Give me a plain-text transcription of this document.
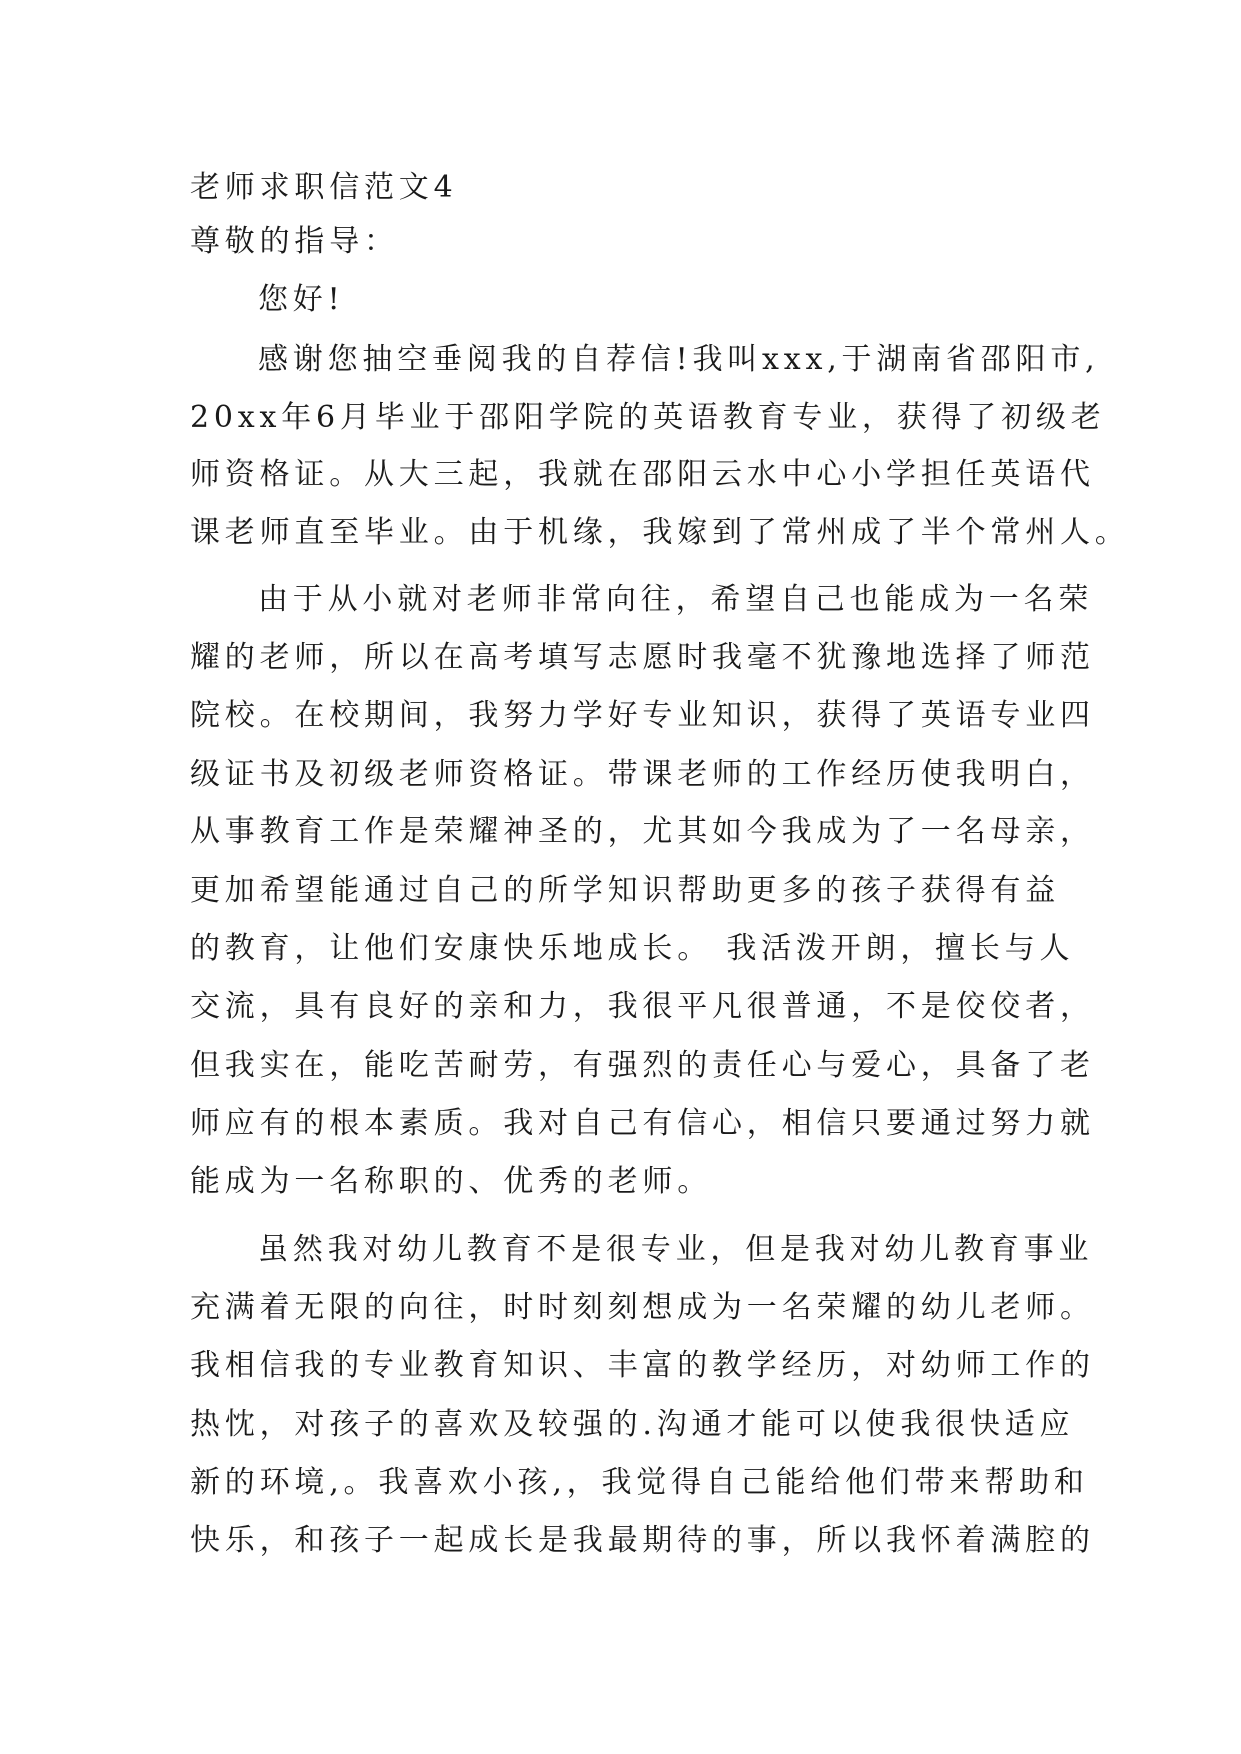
老师求职信范文4
尊敬的指导：
您好!
感谢您抽空垂阅我的自荐信!我叫xxx,于湖南省邵阳市,
20xx年6月毕业于邵阳学院的英语教育专业，获得了初级老
师资格证。从大三起，我就在邵阳云水中心小学担任英语代
课老师直至毕业。由于机缘，我嫁到了常州成了半个常州人。
由于从小就对老师非常向往，希望自己也能成为一名荣
耀的老师，所以在高考填写志愿时我毫不犹豫地选择了师范
院校。在校期间，我努力学好专业知识，获得了英语专业四
级证书及初级老师资格证。带课老师的工作经历使我明白，
从事教育工作是荣耀神圣的，尤其如今我成为了一名母亲，
更加希望能通过自己的所学知识帮助更多的孩子获得有益
的教育，让他们安康快乐地成长。 我活泼开朗，擅长与人
交流，具有良好的亲和力，我很平凡很普通，不是佼佼者，
但我实在，能吃苦耐劳，有强烈的责任心与爱心，具备了老
师应有的根本素质。我对自己有信心，相信只要通过努力就
能成为一名称职的、优秀的老师。
虽然我对幼儿教育不是很专业，但是我对幼儿教育事业
充满着无限的向往，时时刻刻想成为一名荣耀的幼儿老师。
我相信我的专业教育知识、丰富的教学经历，对幼师工作的
热忱，对孩子的喜欢及较强的.沟通才能可以使我很快适应
新的环境,。我喜欢小孩,，我觉得自己能给他们带来帮助和
快乐，和孩子一起成长是我最期待的事，所以我怀着满腔的
